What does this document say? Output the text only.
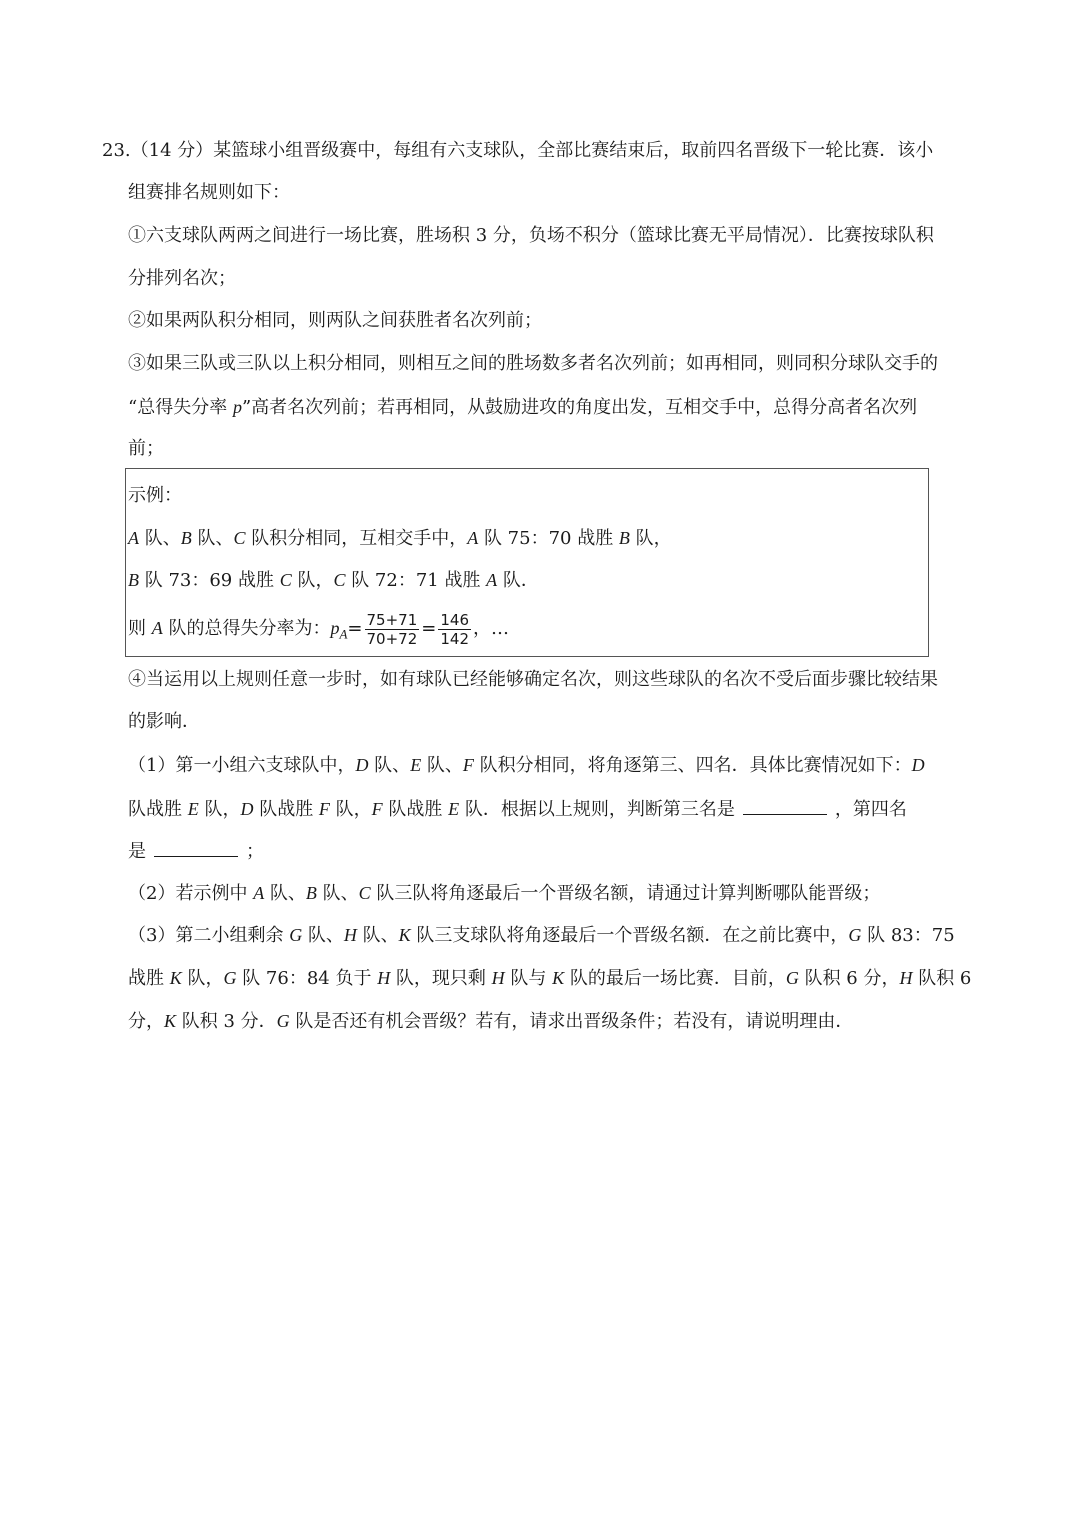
23.（14 分）某篮球小组晋级赛中，每组有六支球队，全部比赛结束后，取前四名晋级下一轮比赛．该小
组赛排名规则如下：
①六支球队两两之间进行一场比赛，胜场积 3 分，负场不积分（篮球比赛无平局情况）．比赛按球队积
分排列名次；
②如果两队积分相同，则两队之间获胜者名次列前；
③如果三队或三队以上积分相同，则相互之间的胜场数多者名次列前；如再相同，则同积分球队交手的
“总得失分率 p”高者名次列前；若再相同，从鼓励进攻的角度出发，互相交手中，总得分高者名次列
前；
示例：
A 队、B 队、C 队积分相同，互相交手中，A 队 75：70 战胜 B 队，
B 队 73：69 战胜 C 队，C 队 72：71 战胜 A 队．
则 A 队的总得失分率为：$p_A= \frac{75+71}{70+72} = \frac{146}{142}$ ，…
④当运用以上规则任意一步时，如有球队已经能够确定名次，则这些球队的名次不受后面步骤比较结果
的影响．
（1）第一小组六支球队中，D 队、E 队、F 队积分相同，将角逐第三、四名．具体比赛情况如下：D
队战胜 E 队，D 队战胜 F 队，F 队战胜 E 队．根据以上规则，判断第三名是	，第四名
是	；
（2）若示例中 A 队、B 队、C 队三队将角逐最后一个晋级名额，请通过计算判断哪队能晋级；
（3）第二小组剩余 G 队、H 队、K 队三支球队将角逐最后一个晋级名额．在之前比赛中，G 队 83：75
战胜 K 队，G 队 76：84 负于 H 队，现只剩 H 队与 K 队的最后一场比赛．目前，G 队积 6 分，H 队积 6
分，K 队积 3 分．G 队是否还有机会晋级？若有，请求出晋级条件；若没有，请说明理由．
